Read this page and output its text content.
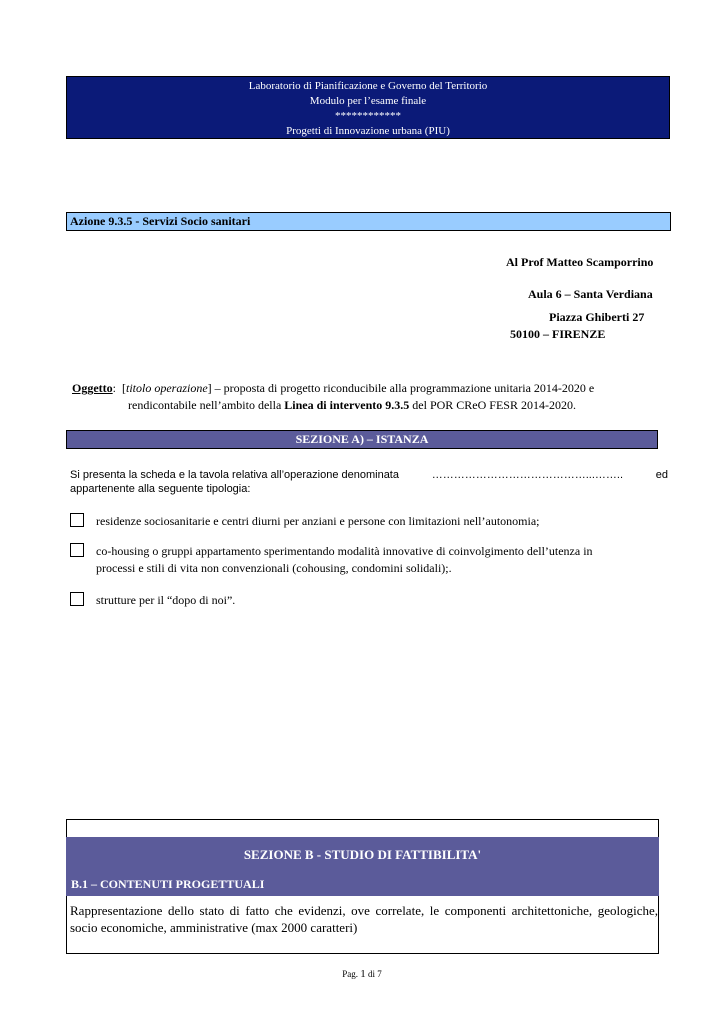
Laboratorio di Pianificazione e Governo del Territorio
Modulo per l’esame finale
************
Progetti di Innovazione urbana (PIU)
Azione 9.3.5 - Servizi Socio sanitari
Al Prof Matteo Scamporrino
Aula 6 – Santa Verdiana
Piazza Ghiberti 27
50100 – FIRENZE
Oggetto:  [titolo operazione] – proposta di progetto riconducibile alla programmazione unitaria 2014-2020 e
rendicontabile nell’ambito della Linea di intervento 9.3.5 del POR CReO FESR 2014-2020.
SEZIONE A) – ISTANZA
Si presenta la scheda e la tavola relativa all’operazione denominata	……………………………………...……..	ed
appartenente alla seguente tipologia:
residenze sociosanitarie e centri diurni per anziani e persone con limitazioni nell’autonomia;
co-housing o gruppi appartamento sperimentando modalità innovative di coinvolgimento dell’utenza in
processi e stili di vita non convenzionali (cohousing, condomini solidali);.
strutture per il “dopo di noi”.
SEZIONE B - STUDIO DI FATTIBILITA'
B.1 – CONTENUTI PROGETTUALI
Rappresentazione dello stato di fatto che evidenzi, ove correlate, le componenti architettoniche, geologiche, socio economiche, amministrative (max 2000 caratteri)
Pag. 1 di 7
